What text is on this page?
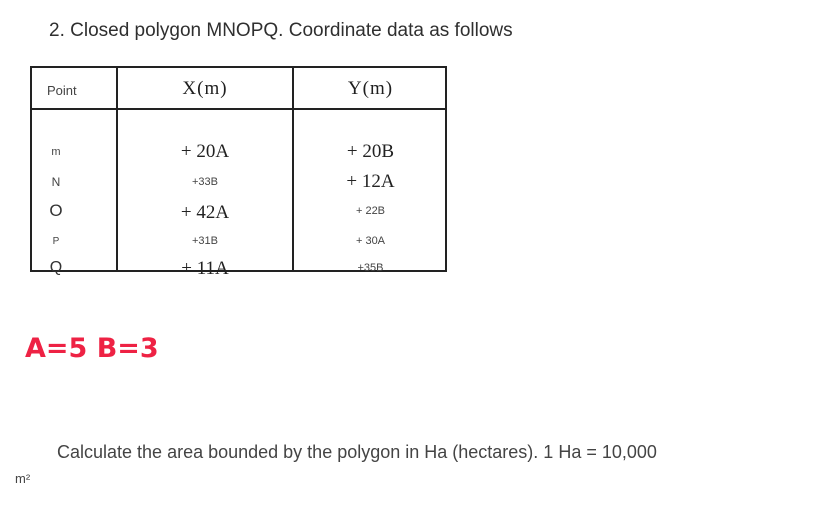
2. Closed polygon MNOPQ. Coordinate data as follows
Point	X(m)	Y(m)
m	+ 20A	+ 20B
N	+33B	+ 12A
O	+ 42A	+ 22B
P	+31B	+ 30A
Q	+ 11A	+35B
A=5 B=3
Calculate the area bounded by the polygon in Ha (hectares). 1 Ha = 10,000
m²
